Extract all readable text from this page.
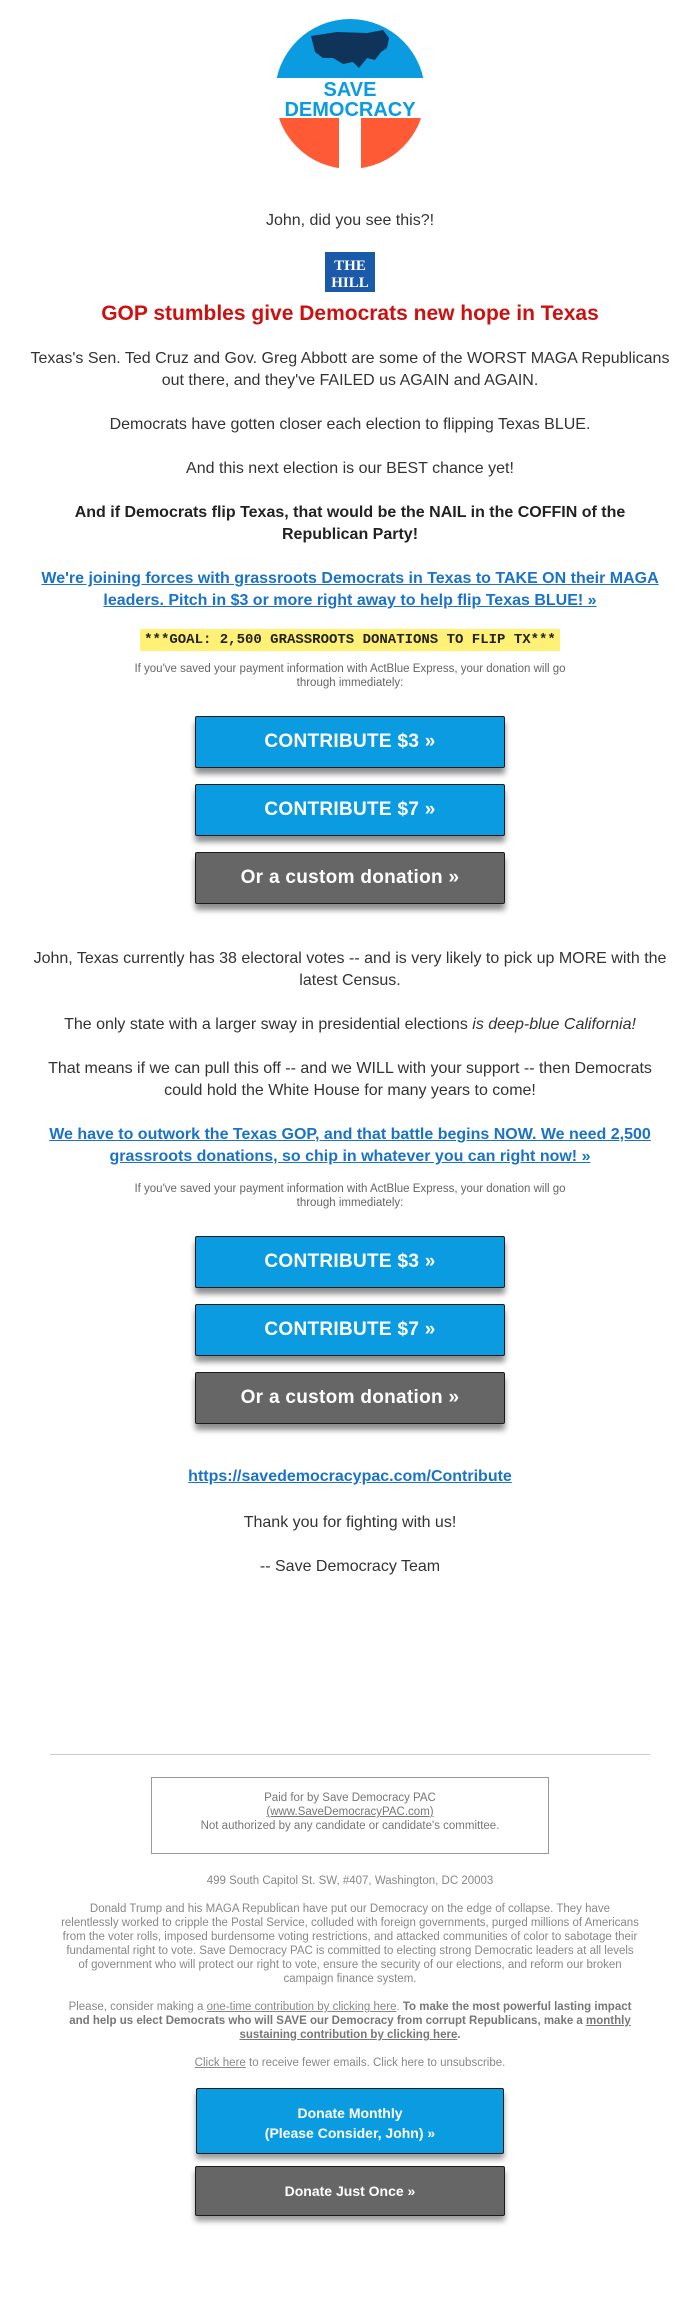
SAVE
DEMOCRACY
John, did you see this?!
THE
HILL
GOP stumbles give Democrats new hope in Texas
Texas's Sen. Ted Cruz and Gov. Greg Abbott are some of the WORST MAGA Republicans out there, and they've FAILED us AGAIN and AGAIN.
Democrats have gotten closer each election to flipping Texas BLUE.
And this next election is our BEST chance yet!
And if Democrats flip Texas, that would be the NAIL in the COFFIN of the Republican Party!
We're joining forces with grassroots Democrats in Texas to TAKE ON their MAGA leaders. Pitch in $3 or more right away to help flip Texas BLUE! »
***GOAL: 2,500 GRASSROOTS DONATIONS TO FLIP TX***
If you've saved your payment information with ActBlue Express, your donation will go through immediately:
CONTRIBUTE $3 »
CONTRIBUTE $7 »
Or a custom donation »
John, Texas currently has 38 electoral votes -- and is very likely to pick up MORE with the latest Census.
The only state with a larger sway in presidential elections is deep-blue California!
That means if we can pull this off -- and we WILL with your support -- then Democrats could hold the White House for many years to come!
We have to outwork the Texas GOP, and that battle begins NOW. We need 2,500 grassroots donations, so chip in whatever you can right now! »
If you've saved your payment information with ActBlue Express, your donation will go through immediately:
CONTRIBUTE $3 »
CONTRIBUTE $7 »
Or a custom donation »
https://savedemocracypac.com/Contribute
Thank you for fighting with us!
-- Save Democracy Team
Paid for by Save Democracy PAC
(www.SaveDemocracyPAC.com)
Not authorized by any candidate or candidate's committee.
499 South Capitol St. SW, #407, Washington, DC 20003
Donald Trump and his MAGA Republican have put our Democracy on the edge of collapse. They have relentlessly worked to cripple the Postal Service, colluded with foreign governments, purged millions of Americans from the voter rolls, imposed burdensome voting restrictions, and attacked communities of color to sabotage their fundamental right to vote. Save Democracy PAC is committed to electing strong Democratic leaders at all levels of government who will protect our right to vote, ensure the security of our elections, and reform our broken campaign finance system.
Please, consider making a one-time contribution by clicking here. To make the most powerful lasting impact and help us elect Democrats who will SAVE our Democracy from corrupt Republicans, make a monthly sustaining contribution by clicking here.
Click here to receive fewer emails. Click here to unsubscribe.
Donate Monthly
(Please Consider, John) »
Donate Just Once »
